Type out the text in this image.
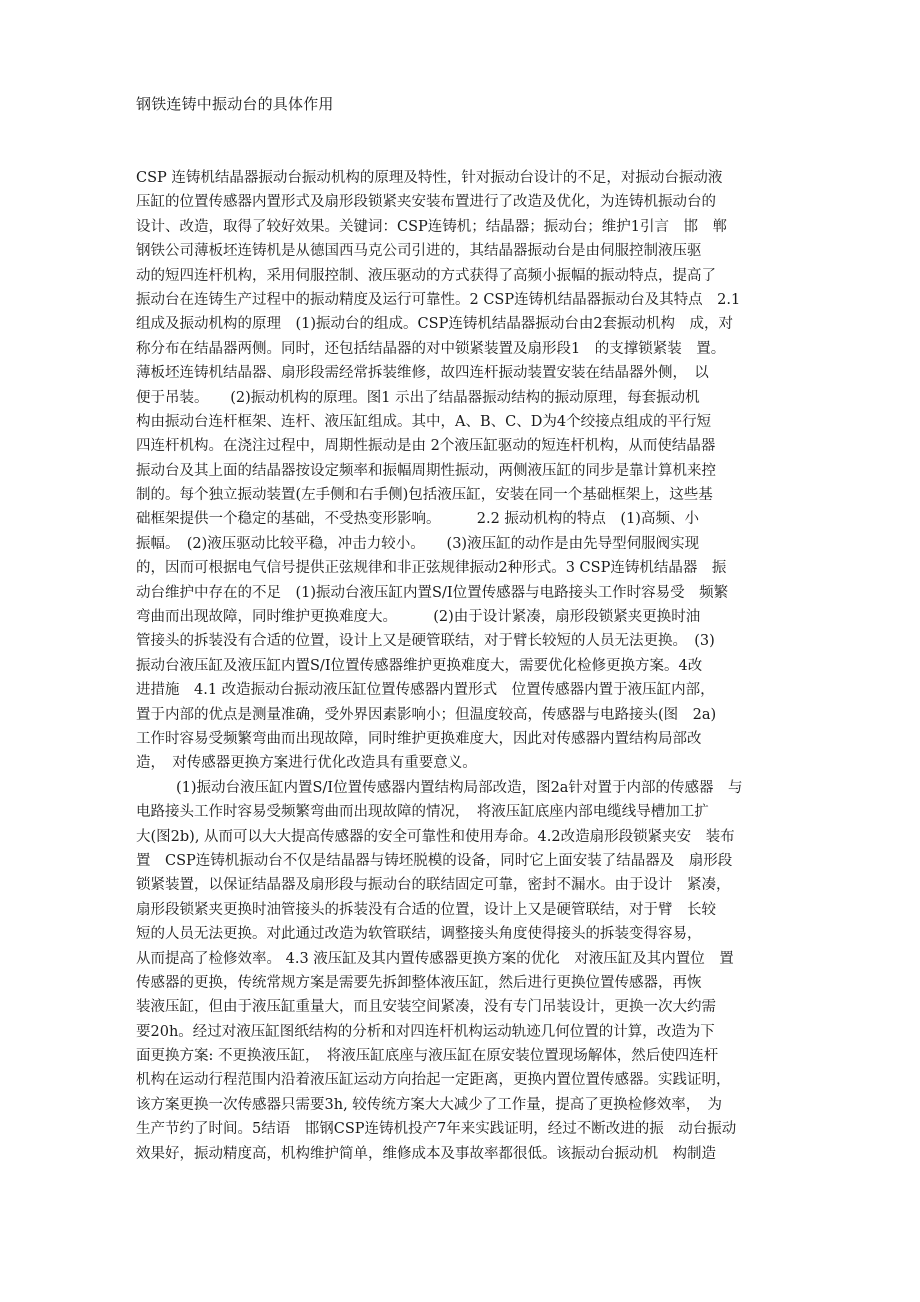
钢铁连铸中振动台的具体作用
CSP 连铸机结晶器振动台振动机构的原理及特性，针对振动台设计的不足，对振动台振动液
压缸的位置传感器内置形式及扇形段锁紧夹安装布置进行了改造及优化，为连铸机振动台的
设计、改造，取得了较好效果。关键词：CSP连铸机；结晶器；振动台；维护1引言　邯　郸
钢铁公司薄板坯连铸机是从德国西马克公司引进的，其结晶器振动台是由伺服控制液压驱
动的短四连杆机构，采用伺服控制、液压驱动的方式获得了高频小振幅的振动特点，提高了
振动台在连铸生产过程中的振动精度及运行可靠性。2 CSP连铸机结晶器振动台及其特点　2.1
组成及振动机构的原理　(1)振动台的组成。CSP连铸机结晶器振动台由2套振动机构　成，对
称分布在结晶器两侧。同时，还包括结晶器的对中锁紧装置及扇形段1　的支撑锁紧装　置。
薄板坯连铸机结晶器、扇形段需经常拆装维修，故四连杆振动装置安装在结晶器外侧，　以
便于吊装。　　(2)振动机构的原理。图1 示出了结晶器振动结构的振动原理，每套振动机
构由振动台连杆框架、连杆、液压缸组成。其中，A、B、C、D为4个绞接点组成的平行短
四连杆机构。在浇注过程中，周期性振动是由 2个液压缸驱动的短连杆机构，从而使结晶器
振动台及其上面的结晶器按设定频率和振幅周期性振动，两侧液压缸的同步是靠计算机来控
制的。每个独立振动装置(左手侧和右手侧)包括液压缸，安装在同一个基础框架上，这些基
础框架提供一个稳定的基础，不受热变形影响。　　　2.2 振动机构的特点　(1)高频、小
振幅。　(2)液压驱动比较平稳，冲击力较小。　　(3)液压缸的动作是由先导型伺服阀实现
的，因而可根据电气信号提供正弦规律和非正弦规律振动2种形式。3 CSP连铸机结晶器　振
动台维护中存在的不足　(1)振动台液压缸内置S/I位置传感器与电路接头工作时容易受　频繁
弯曲而出现故障，同时维护更换难度大。　　　(2)由于设计紧凑，扇形段锁紧夹更换时油
管接头的拆装没有合适的位置，设计上又是硬管联结，对于臂长较短的人员无法更换。　(3)
振动台液压缸及液压缸内置S/I位置传感器维护更换难度大，需要优化检修更换方案。4改
进措施　4.1 改造振动台振动液压缸位置传感器内置形式　位置传感器内置于液压缸内部，
置于内部的优点是测量准确，受外界因素影响小；但温度较高，传感器与电路接头(图　2a)
工作时容易受频繁弯曲而出现故障，同时维护更换难度大，因此对传感器内置结构局部改
造，　对传感器更换方案进行优化改造具有重要意义。
(1)振动台液压缸内置S/I位置传感器内置结构局部改造，图2a针对置于内部的传感器　与
电路接头工作时容易受频繁弯曲而出现故障的情况，　将液压缸底座内部电缆线导槽加工扩
大(图2b), 从而可以大大提高传感器的安全可靠性和使用寿命。4.2改造扇形段锁紧夹安　装布
置　CSP连铸机振动台不仅是结晶器与铸坯脱模的设备，同时它上面安装了结晶器及　扇形段
锁紧装置，以保证结晶器及扇形段与振动台的联结固定可靠，密封不漏水。由于设计　紧凑，
扇形段锁紧夹更换时油管接头的拆装没有合适的位置，设计上又是硬管联结，对于臂　长较
短的人员无法更换。对此通过改造为软管联结，调整接头角度使得接头的拆装变得容易，
从而提高了检修效率。 4.3 液压缸及其内置传感器更换方案的优化　对液压缸及其内置位　置
传感器的更换，传统常规方案是需要先拆卸整体液压缸，然后进行更换位置传感器，再恢
装液压缸，但由于液压缸重量大，而且安装空间紧凑，没有专门吊装设计，更换一次大约需
要20h。经过对液压缸图纸结构的分析和对四连杆机构运动轨迹几何位置的计算，改造为下
面更换方案: 不更换液压缸，　将液压缸底座与液压缸在原安装位置现场解体，然后使四连杆
机构在运动行程范围内沿着液压缸运动方向抬起一定距离，更换内置位置传感器。实践证明，
该方案更换一次传感器只需要3h, 较传统方案大大减少了工作量，提高了更换检修效率，　为
生产节约了时间。5结语　邯钢CSP连铸机投产7年来实践证明，经过不断改进的振　动台振动
效果好，振动精度高，机构维护简单，维修成本及事故率都很低。该振动台振动机　构制造
